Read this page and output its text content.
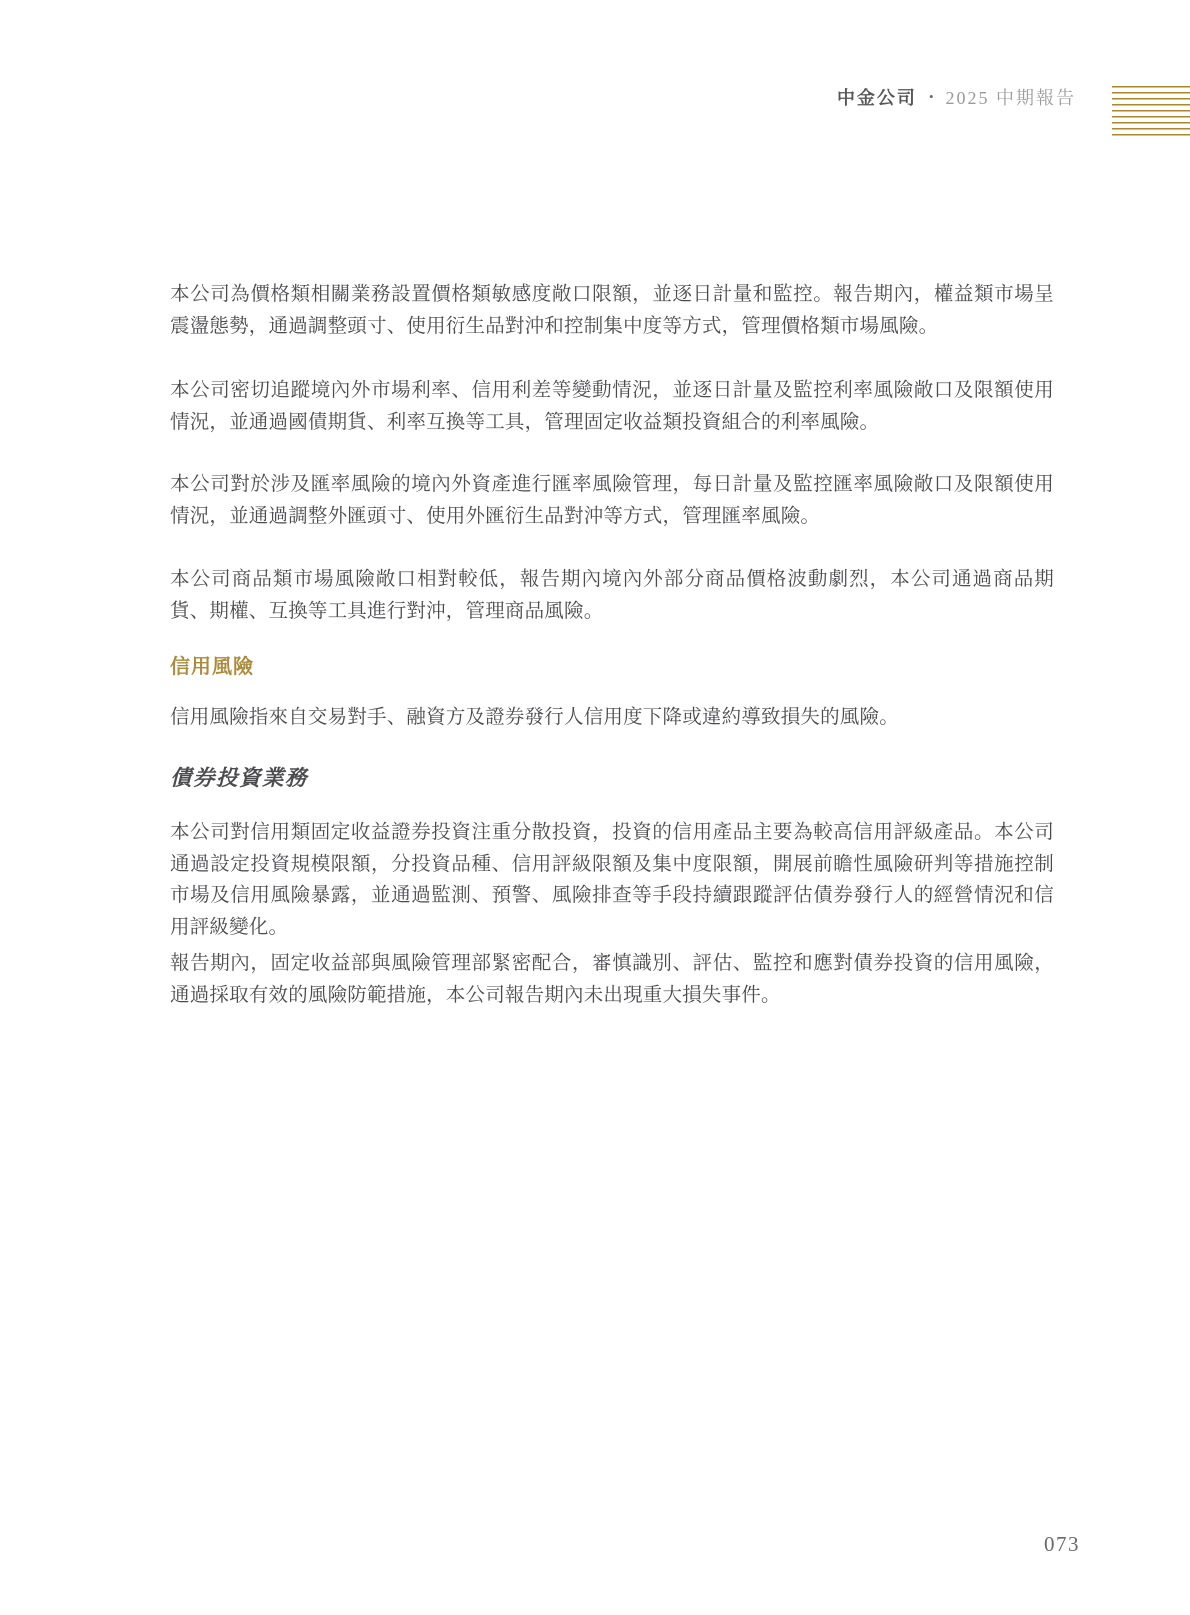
中金公司 • 2025 中期報告

本公司為價格類相關業務設置價格類敏感度敞口限額，並逐日計量和監控。報告期內，權益類市場呈震盪態勢，通過調整頭寸、使用衍生品對沖和控制集中度等方式，管理價格類市場風險。

本公司密切追蹤境內外市場利率、信用利差等變動情況，並逐日計量及監控利率風險敞口及限額使用情況，並通過國債期貨、利率互換等工具，管理固定收益類投資組合的利率風險。

本公司對於涉及匯率風險的境內外資產進行匯率風險管理，每日計量及監控匯率風險敞口及限額使用情況，並通過調整外匯頭寸、使用外匯衍生品對沖等方式，管理匯率風險。

本公司商品類市場風險敞口相對較低，報告期內境內外部分商品價格波動劇烈，本公司通過商品期貨、期權、互換等工具進行對沖，管理商品風險。

信用風險

信用風險指來自交易對手、融資方及證券發行人信用度下降或違約導致損失的風險。

債券投資業務

本公司對信用類固定收益證券投資注重分散投資，投資的信用產品主要為較高信用評級產品。本公司通過設定投資規模限額，分投資品種、信用評級限額及集中度限額，開展前瞻性風險研判等措施控制市場及信用風險暴露，並通過監測、預警、風險排查等手段持續跟蹤評估債券發行人的經營情況和信用評級變化。

報告期內，固定收益部與風險管理部緊密配合，審慎識別、評估、監控和應對債券投資的信用風險，通過採取有效的風險防範措施，本公司報告期內未出現重大損失事件。

073
